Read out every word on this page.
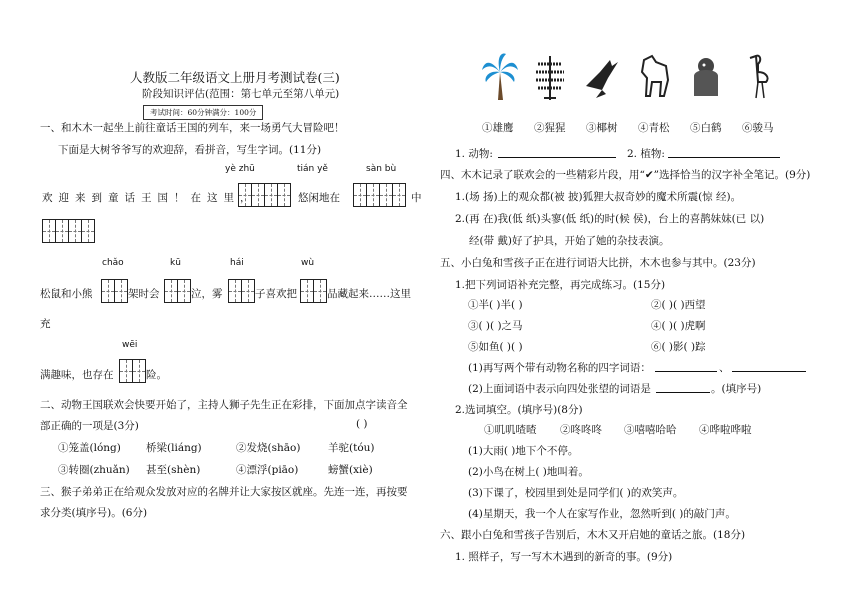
人教版二年级语文上册月考测试卷(三)
阶段知识评估(范围：第七单元至第八单元)
考试时间：60分钟满分：100分
一、和木木一起坐上前往童话王国的列车，来一场勇气大冒险吧！
下面是大树爷爷写的欢迎辞，看拼音，写生字词。(11分)
yè zhū	tián yě	sàn bù
欢迎来到童话王国！在这里，	悠闲地在	中
chǎo	kū	hái	wù
松鼠和小熊	架时会	泣，雾	子喜欢把	品藏起来……这里
充
wēi
满趣味，也存在	险。
二、动物王国联欢会快要开始了，主持人狮子先生正在彩排，下面加点字读音全
部正确的一项是(3分)	( )
①笼盖(lóng) 桥梁(liáng)	②发烧(shāo)	羊驼(tóu)
③转圈(zhuǎn) 甚至(shèn)	④漂浮(piāo)	螃蟹(xiè)
三、猴子弟弟正在给观众发放对应的名牌并让大家按区就座。先连一连，再按要
求分类(填序号)。(6分)
①雄鹰 ②猩猩 ③椰树 ④青松 ⑤白鹤 ⑥骏马
1. 动物:	2. 植物:
四、木木记录了联欢会的一些精彩片段，用“✔”选择恰当的汉字补全笔记。(9分)
1.(场 扬)上的观众都(被 披)狐狸大叔奇妙的魔术所震(惊 经)。
2.(再 在)我(低 纸)头寥(低 纸)的时(候 侯)，台上的喜鹊妹妹(已 以)
经(带 戴)好了护具，开始了她的杂技表演。
五、小白兔和雪孩子正在进行词语大比拼，木木也参与其中。(23分)
1.把下列词语补充完整，再完成练习。(15分)
①半( )半( )	②( )( )西望
③( )( )之马	④( )( )虎啊
⑤如鱼( )( )	⑥( )影( )踪
(1)再写两个带有动物名称的四字词语：	、
(2)上面词语中表示向四处张望的词语是	。(填序号)
2.选词填空。(填序号)(8分)
①叽叽喳喳 ②咚咚咚 ③嘻嘻哈哈 ④哗啦哗啦
(1)大雨( )地下个不停。
(2)小鸟在树上( )地叫着。
(3)下课了，校园里到处是同学们( )的欢笑声。
(4)星期天，我一个人在家写作业，忽然听到( )的敲门声。
六、跟小白兔和雪孩子告别后，木木又开启她的童话之旅。(18分)
1. 照样子，写一写木木遇到的新奇的事。(9分)
